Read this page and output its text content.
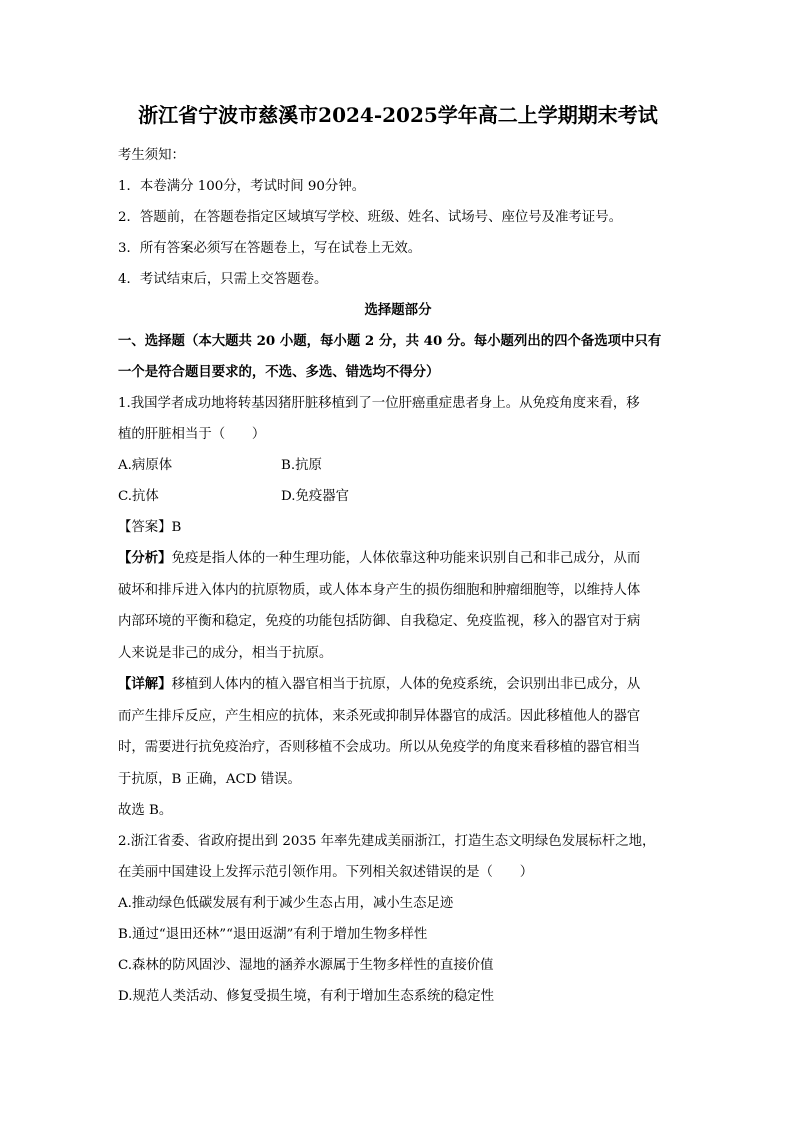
浙江省宁波市慈溪市2024-2025学年高二上学期期末考试
考生须知：
1．本卷满分 100分，考试时间 90分钟。
2．答题前，在答题卷指定区域填写学校、班级、姓名、试场号、座位号及准考证号。
3．所有答案必须写在答题卷上，写在试卷上无效。
4．考试结束后，只需上交答题卷。
选择题部分
一、选择题（本大题共 20 小题，每小题 2 分，共 40 分。每小题列出的四个备选项中只有
一个是符合题目要求的，不选、多选、错选均不得分）
1.我国学者成功地将转基因猪肝脏移植到了一位肝癌重症患者身上。从免疫角度来看，移
植的肝脏相当于（　　）
A.病原体	B.抗原
C.抗体	D.免疫器官
【答案】B
【分析】免疫是指人体的一种生理功能，人体依靠这种功能来识别自己和非己成分，从而
破坏和排斥进入体内的抗原物质，或人体本身产生的损伤细胞和肿瘤细胞等，以维持人体
内部环境的平衡和稳定，免疫的功能包括防御、自我稳定、免疫监视，移入的器官对于病
人来说是非己的成分，相当于抗原。
【详解】移植到人体内的植入器官相当于抗原，人体的免疫系统，会识别出非已成分，从
而产生排斥反应，产生相应的抗体，来杀死或抑制异体器官的成活。因此移植他人的器官
时，需要进行抗免疫治疗，否则移植不会成功。所以从免疫学的角度来看移植的器官相当
于抗原，B 正确，ACD 错误。
故选 B。
2.浙江省委、省政府提出到 2035 年率先建成美丽浙江，打造生态文明绿色发展标杆之地，
在美丽中国建设上发挥示范引领作用。下列相关叙述错误的是（　　）
A.推动绿色低碳发展有利于减少生态占用，减小生态足迹
B.通过“退田还林”“退田返湖”有利于增加生物多样性
C.森林的防风固沙、湿地的涵养水源属于生物多样性的直接价值
D.规范人类活动、修复受损生境，有利于增加生态系统的稳定性
